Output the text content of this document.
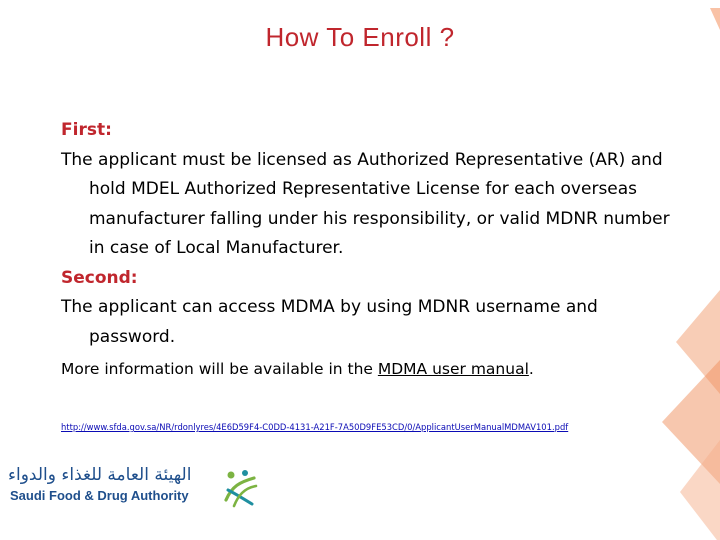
How To Enroll ?

First:

The applicant must be licensed as Authorized Representative (AR) and hold MDEL Authorized Representative License for each overseas manufacturer falling under his responsibility, or valid MDNR number in case of Local Manufacturer.

Second:

The applicant can access MDMA by using MDNR username and password.

More information will be available in the MDMA user manual.

http://www.sfda.gov.sa/NR/rdonlyres/4E6D59F4-C0DD-4131-A21F-7A50D9FE53CD/0/ApplicantUserManualMDMAV101.pdf
الهيئة العامة للغذاء والدواء
Saudi Food & Drug Authority
